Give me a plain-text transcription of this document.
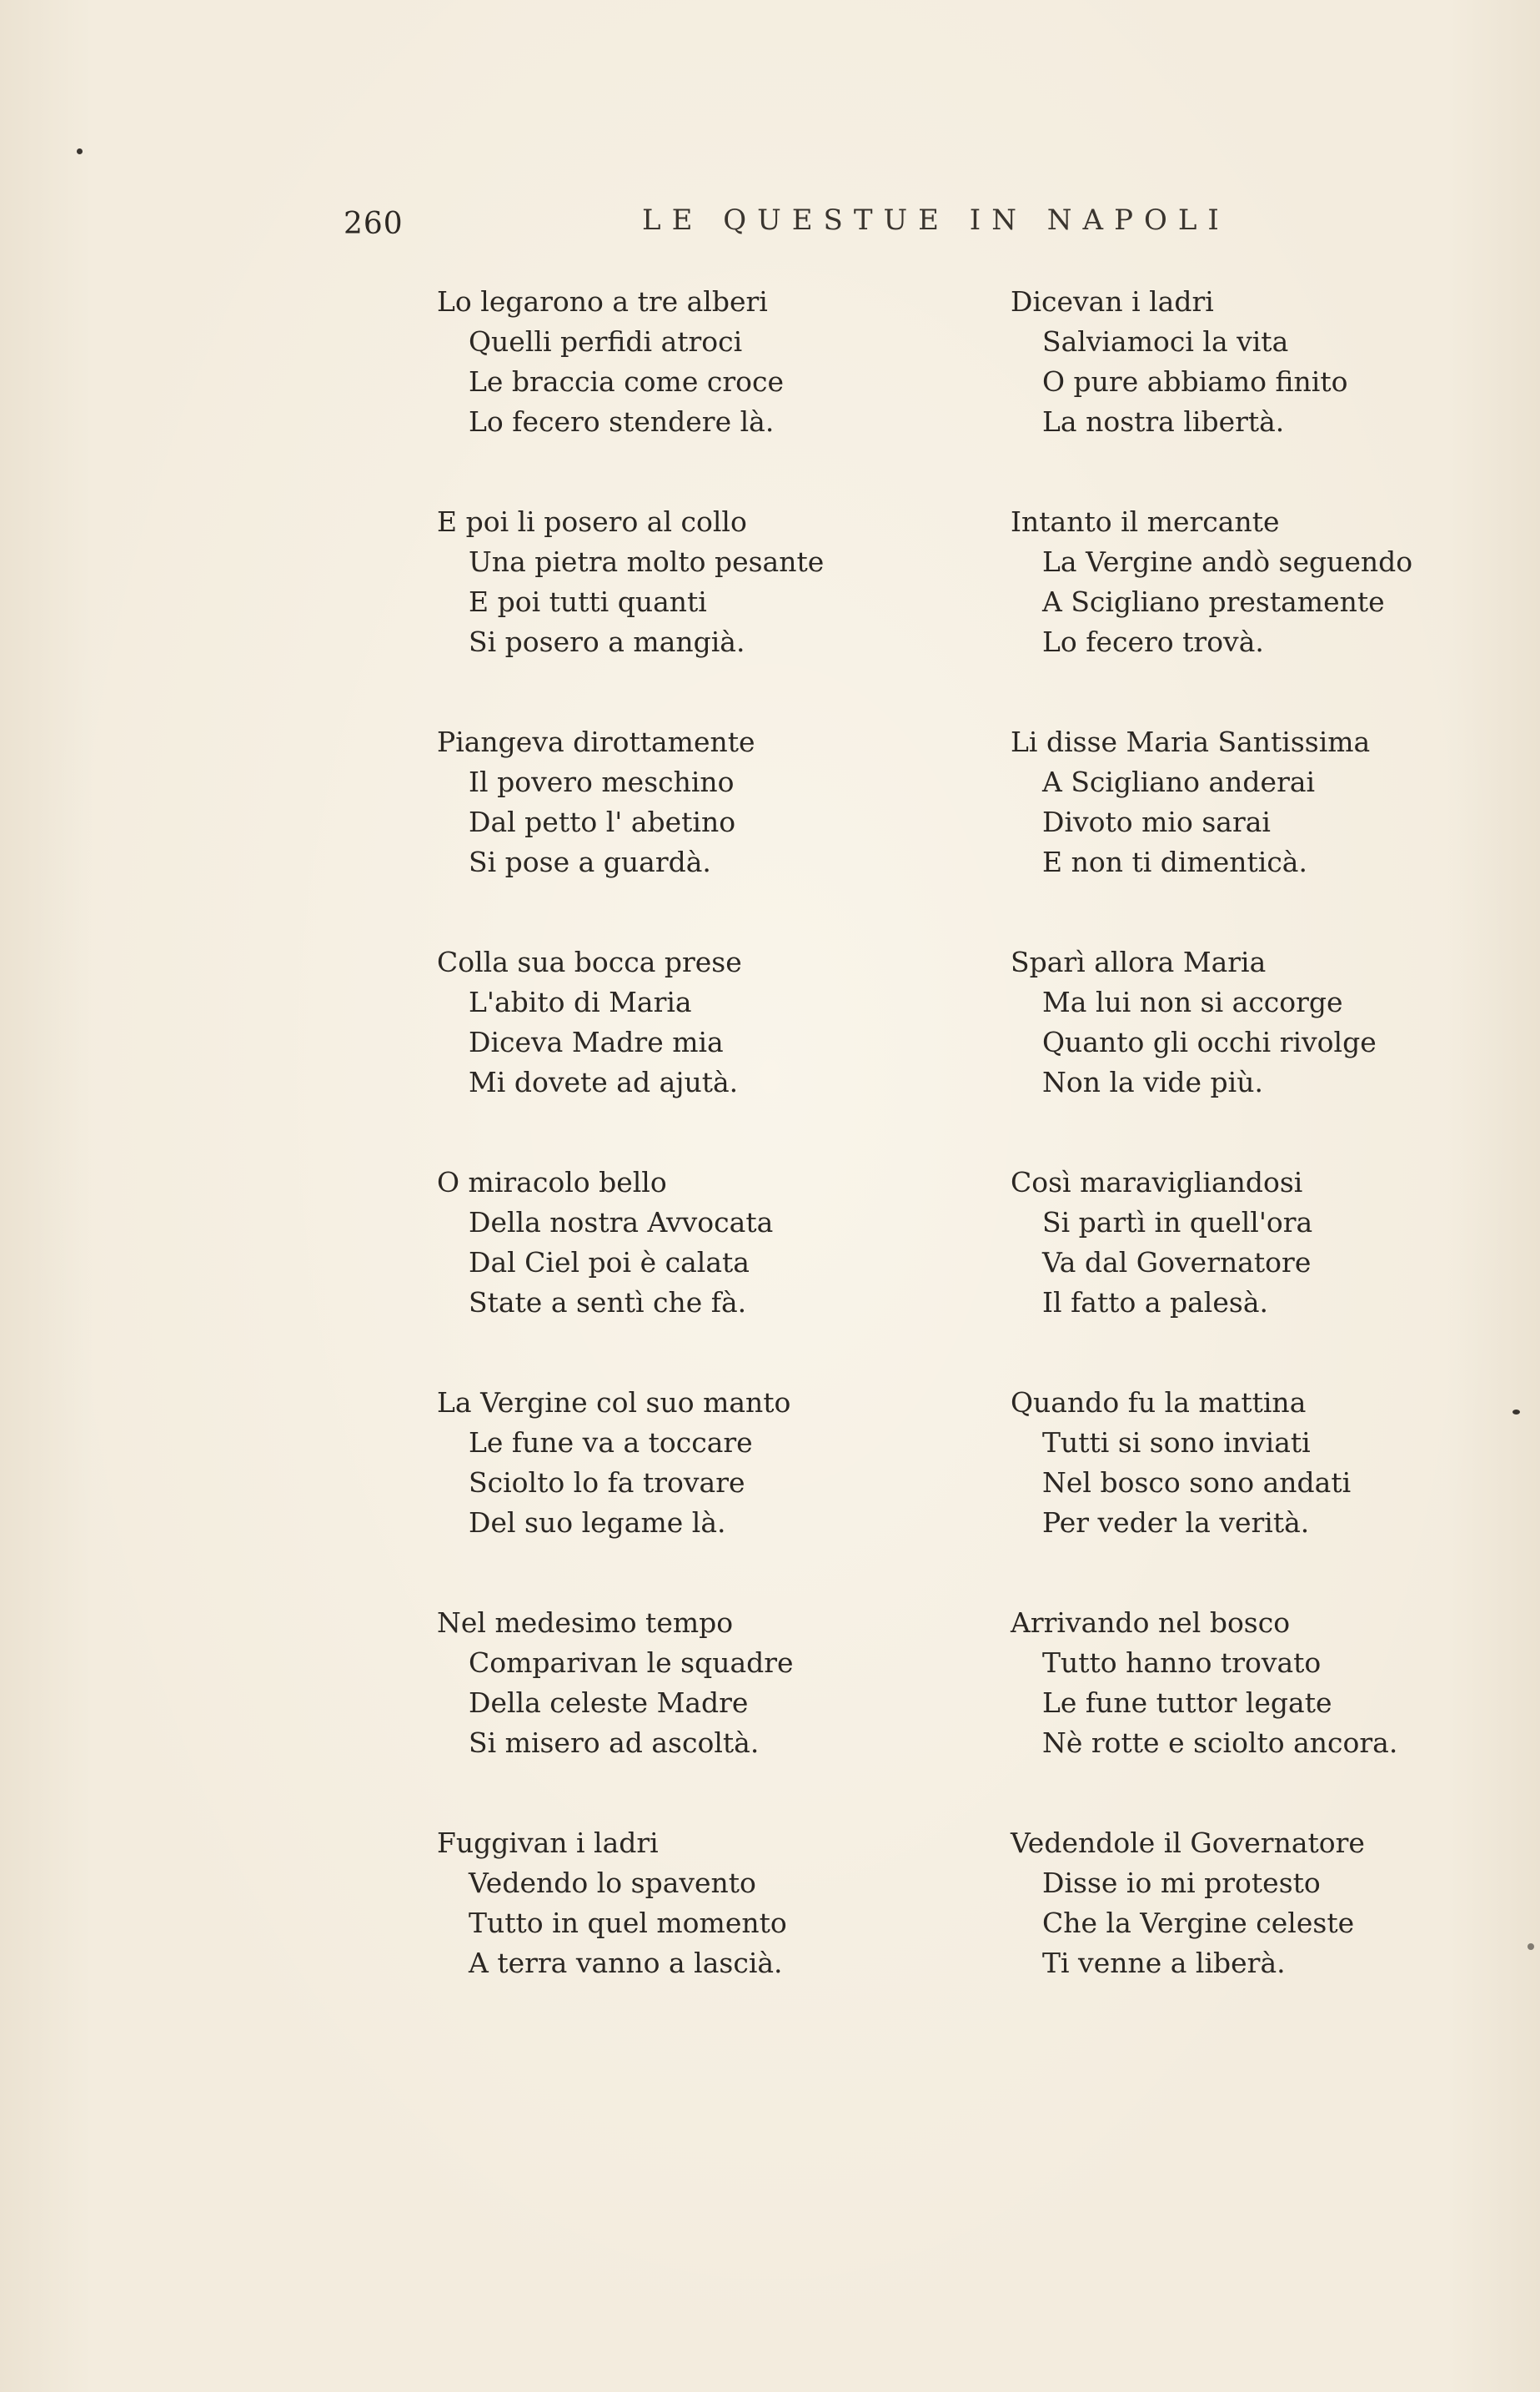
260	LE QUESTUE IN NAPOLI
Lo legarono a tre alberi
Quelli perfidi atroci
Le braccia come croce
Lo fecero stendere là.
E poi li posero al collo
Una pietra molto pesante
E poi tutti quanti
Si posero a mangià.
Piangeva dirottamente
Il povero meschino
Dal petto l' abetino
Si pose a guardà.
Colla sua bocca prese
L'abito di Maria
Diceva Madre mia
Mi dovete ad ajutà.
O miracolo bello
Della nostra Avvocata
Dal Ciel poi è calata
State a sentì che fà.
La Vergine col suo manto
Le fune va a toccare
Sciolto lo fa trovare
Del suo legame là.
Nel medesimo tempo
Comparivan le squadre
Della celeste Madre
Si misero ad ascoltà.
Fuggivan i ladri
Vedendo lo spavento
Tutto in quel momento
A terra vanno a lascià.
Dicevan i ladri
Salviamoci la vita
O pure abbiamo finito
La nostra libertà.
Intanto il mercante
La Vergine andò seguendo
A Scigliano prestamente
Lo fecero trovà.
Li disse Maria Santissima
A Scigliano anderai
Divoto mio sarai
E non ti dimenticà.
Sparì allora Maria
Ma lui non si accorge
Quanto gli occhi rivolge
Non la vide più.
Così maravigliandosi
Si partì in quell'ora
Va dal Governatore
Il fatto a palesà.
Quando fu la mattina
Tutti si sono inviati
Nel bosco sono andati
Per veder la verità.
Arrivando nel bosco
Tutto hanno trovato
Le fune tuttor legate
Nè rotte e sciolto ancora.
Vedendole il Governatore
Disse io mi protesto
Che la Vergine celeste
Ti venne a liberà.
